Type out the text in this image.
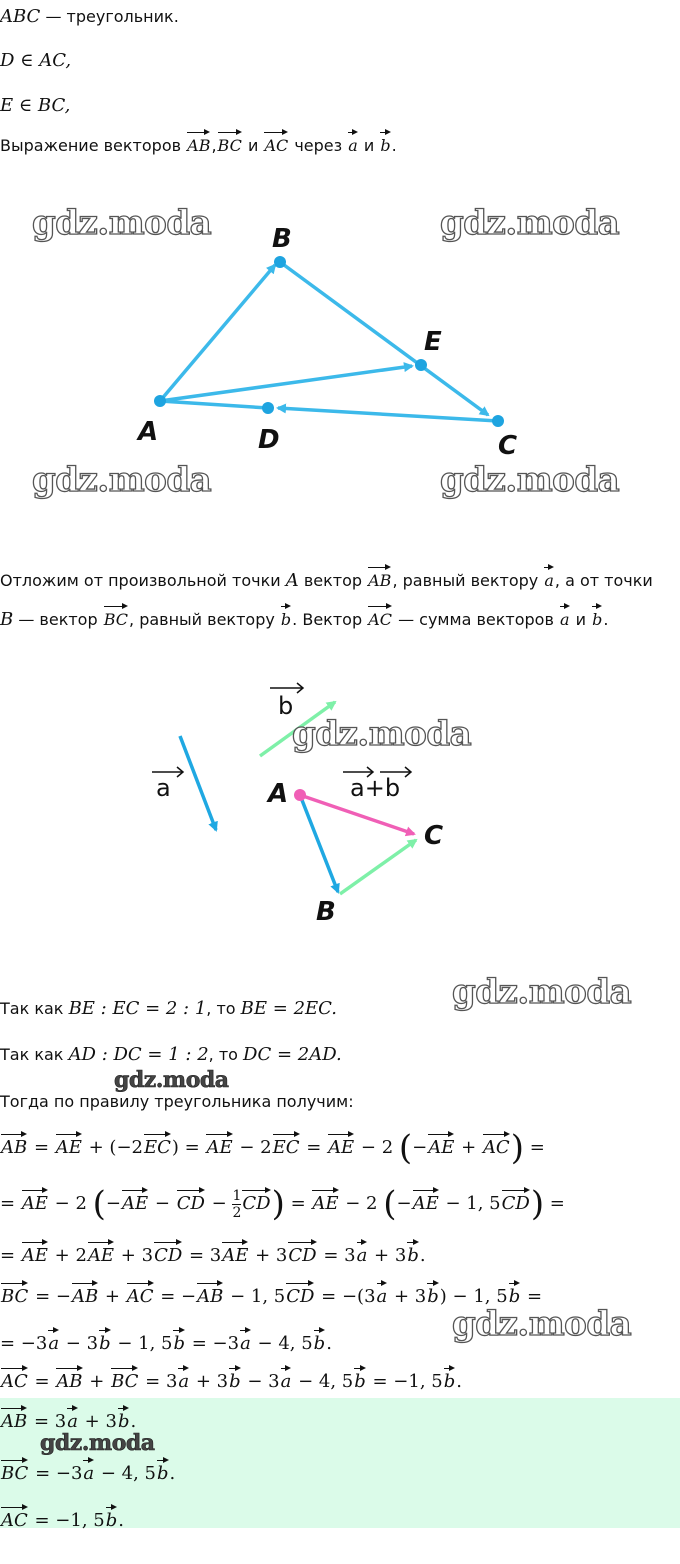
ABC — треугольник.
D ∈ AC,
E ∈ BC,
Выражение векторов AB,BC и AC через a и b.
A
B
E
D	C
gdz.moda	gdz.moda
gdz.moda	gdz.moda
Отложим от произвольной точки A вектор AB, равный вектору a, а от точки
B — вектор BC, равный вектору b. Вектор AC — сумма векторов a и b.
a
b
a+b
A
C
B
gdz.moda
gdz.moda
Так как BE : EC = 2 : 1, то BE = 2EC.
Так как AD : DC = 1 : 2, то DC = 2AD.
gdz.moda
Тогда по правилу треугольника получим:
AB = AE + (−2EC) = AE − 2EC = AE − 2 (−AE + AC) =
= AE − 2 (−AE − CD − $\frac{1}{2} CD$) = AE − 2 (−AE − 1, 5CD) =
= AE + 2AE + 3CD = 3AE + 3CD = 3a + 3b.
BC = −AB + AC = −AB − 1, 5CD = −(3a + 3b) − 1, 5b =
= −3a − 3b − 1, 5b = −3a − 4, 5b.	gdz.moda
AC = AB + BC = 3a + 3b − 3a − 4, 5b = −1, 5b.
AB = 3a + 3b.
gdz.moda
BC = −3a − 4, 5b.
AC = −1, 5b.
